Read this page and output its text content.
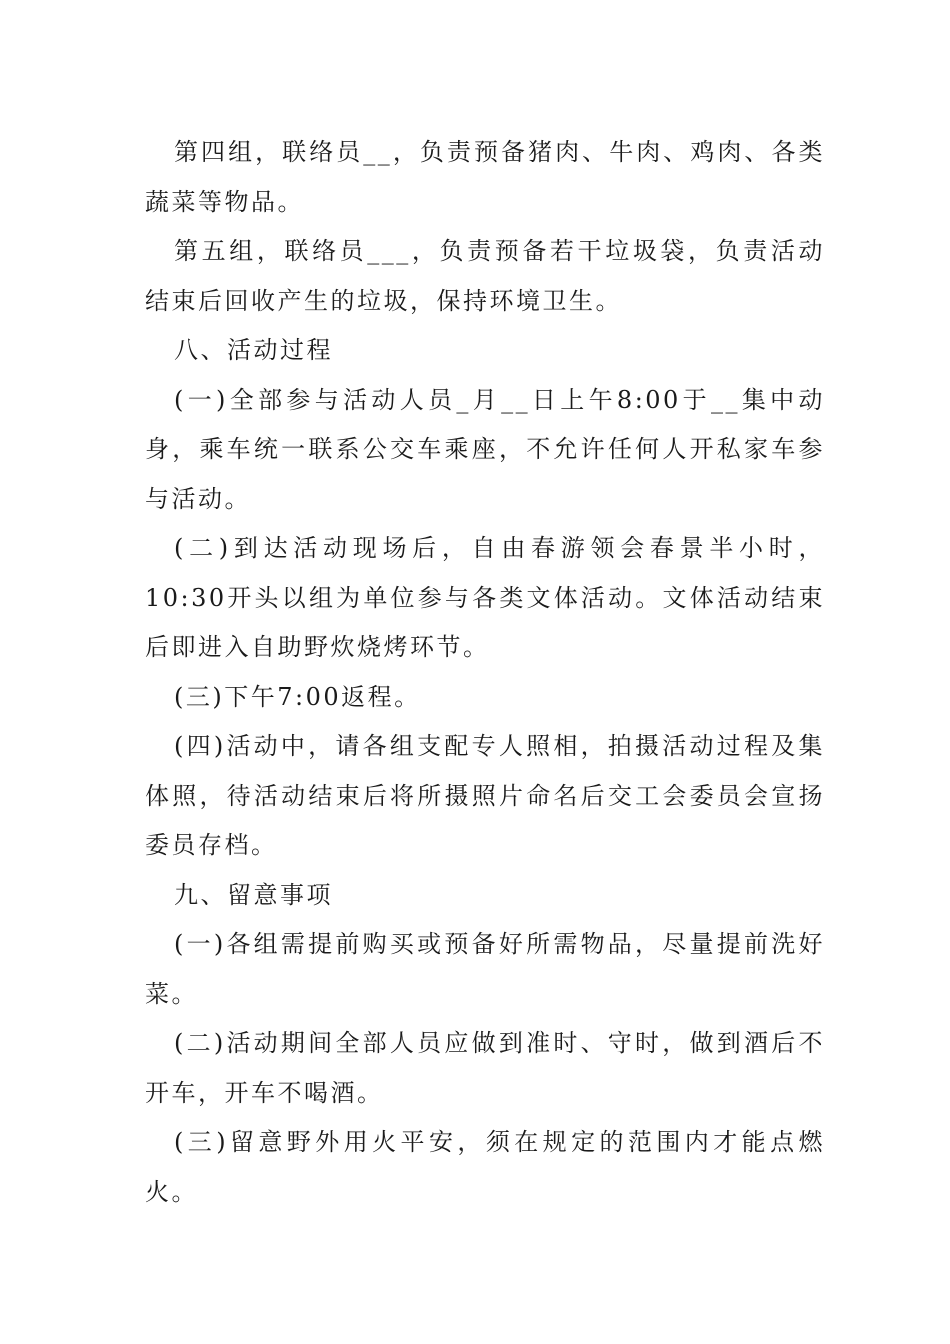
第四组，联络员__，负责预备猪肉、牛肉、鸡肉、各类蔬菜等物品。

第五组，联络员___，负责预备若干垃圾袋，负责活动结束后回收产生的垃圾，保持环境卫生。

八、活动过程

(一)全部参与活动人员_月__日上午8:00于__集中动身，乘车统一联系公交车乘座，不允许任何人开私家车参与活动。

(二)到达活动现场后，自由春游领会春景半小时，10:30开头以组为单位参与各类文体活动。文体活动结束后即进入自助野炊烧烤环节。

(三)下午7:00返程。

(四)活动中，请各组支配专人照相，拍摄活动过程及集体照，待活动结束后将所摄照片命名后交工会委员会宣扬委员存档。

九、留意事项

(一)各组需提前购买或预备好所需物品，尽量提前洗好菜。

(二)活动期间全部人员应做到准时、守时，做到酒后不开车，开车不喝酒。

(三)留意野外用火平安，须在规定的范围内才能点燃火。
